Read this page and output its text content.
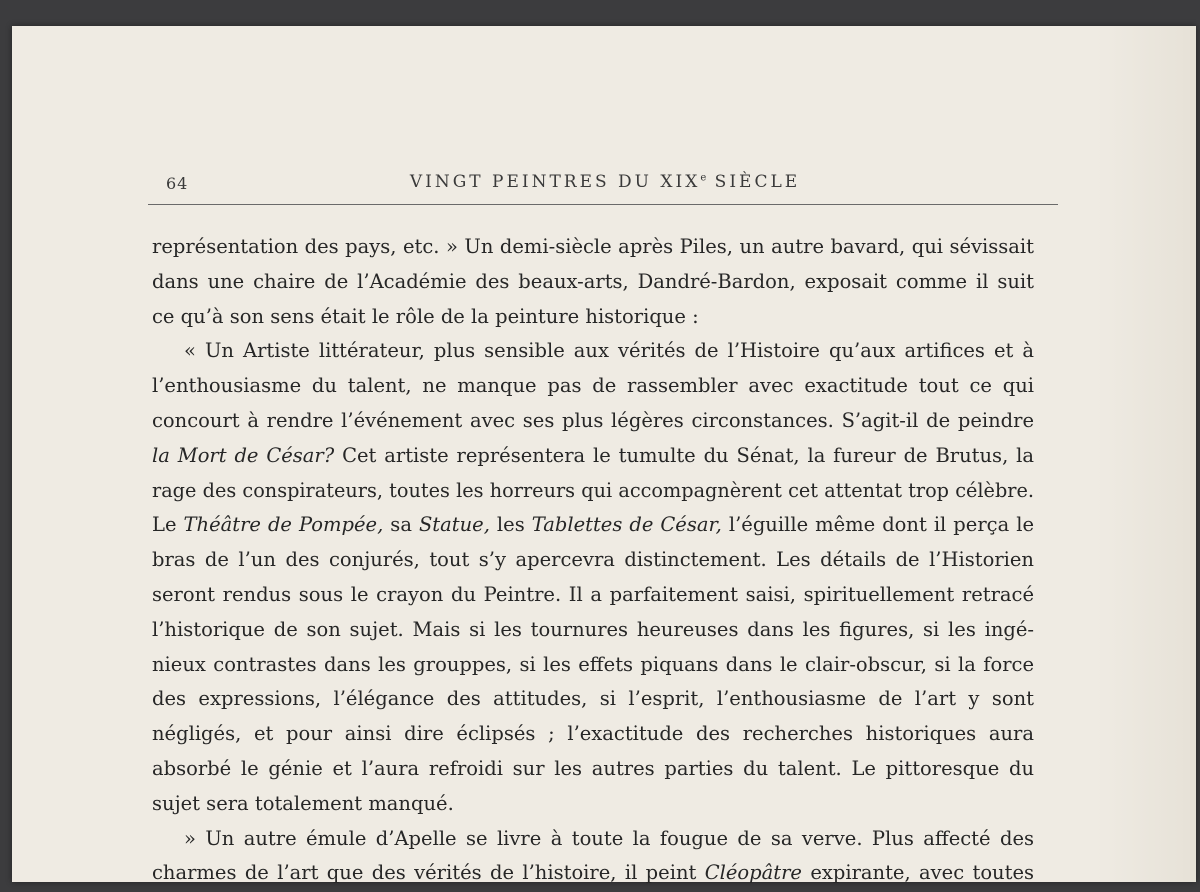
64	VINGT PEINTRES DU XIXe SIÈCLE
représentation des pays, etc. » Un demi-siècle après Piles, un autre bavard, qui sévissait
dans une chaire de l’Académie des beaux-arts, Dandré-Bardon, exposait comme il suit
ce qu’à son sens était le rôle de la peinture historique :
« Un Artiste littérateur, plus sensible aux vérités de l’Histoire qu’aux artifices et à
l’enthousiasme du talent, ne manque pas de rassembler avec exactitude tout ce qui
concourt à rendre l’événement avec ses plus légères circonstances. S’agit-il de peindre
la Mort de César? Cet artiste représentera le tumulte du Sénat, la fureur de Brutus, la
rage des conspirateurs, toutes les horreurs qui accompagnèrent cet attentat trop célèbre.
Le Théâtre de Pompée, sa Statue, les Tablettes de César, l’éguille même dont il perça le
bras de l’un des conjurés, tout s’y apercevra distinctement. Les détails de l’Historien
seront rendus sous le crayon du Peintre. Il a parfaitement saisi, spirituellement retracé
l’historique de son sujet. Mais si les tournures heureuses dans les figures, si les ingé-
nieux contrastes dans les grouppes, si les effets piquans dans le clair-obscur, si la force
des expressions, l’élégance des attitudes, si l’esprit, l’enthousiasme de l’art y sont
négligés, et pour ainsi dire éclipsés ; l’exactitude des recherches historiques aura
absorbé le génie et l’aura refroidi sur les autres parties du talent. Le pittoresque du
sujet sera totalement manqué.
» Un autre émule d’Apelle se livre à toute la fougue de sa verve. Plus affecté des
charmes de l’art que des vérités de l’histoire, il peint Cléopâtre expirante, avec toutes
